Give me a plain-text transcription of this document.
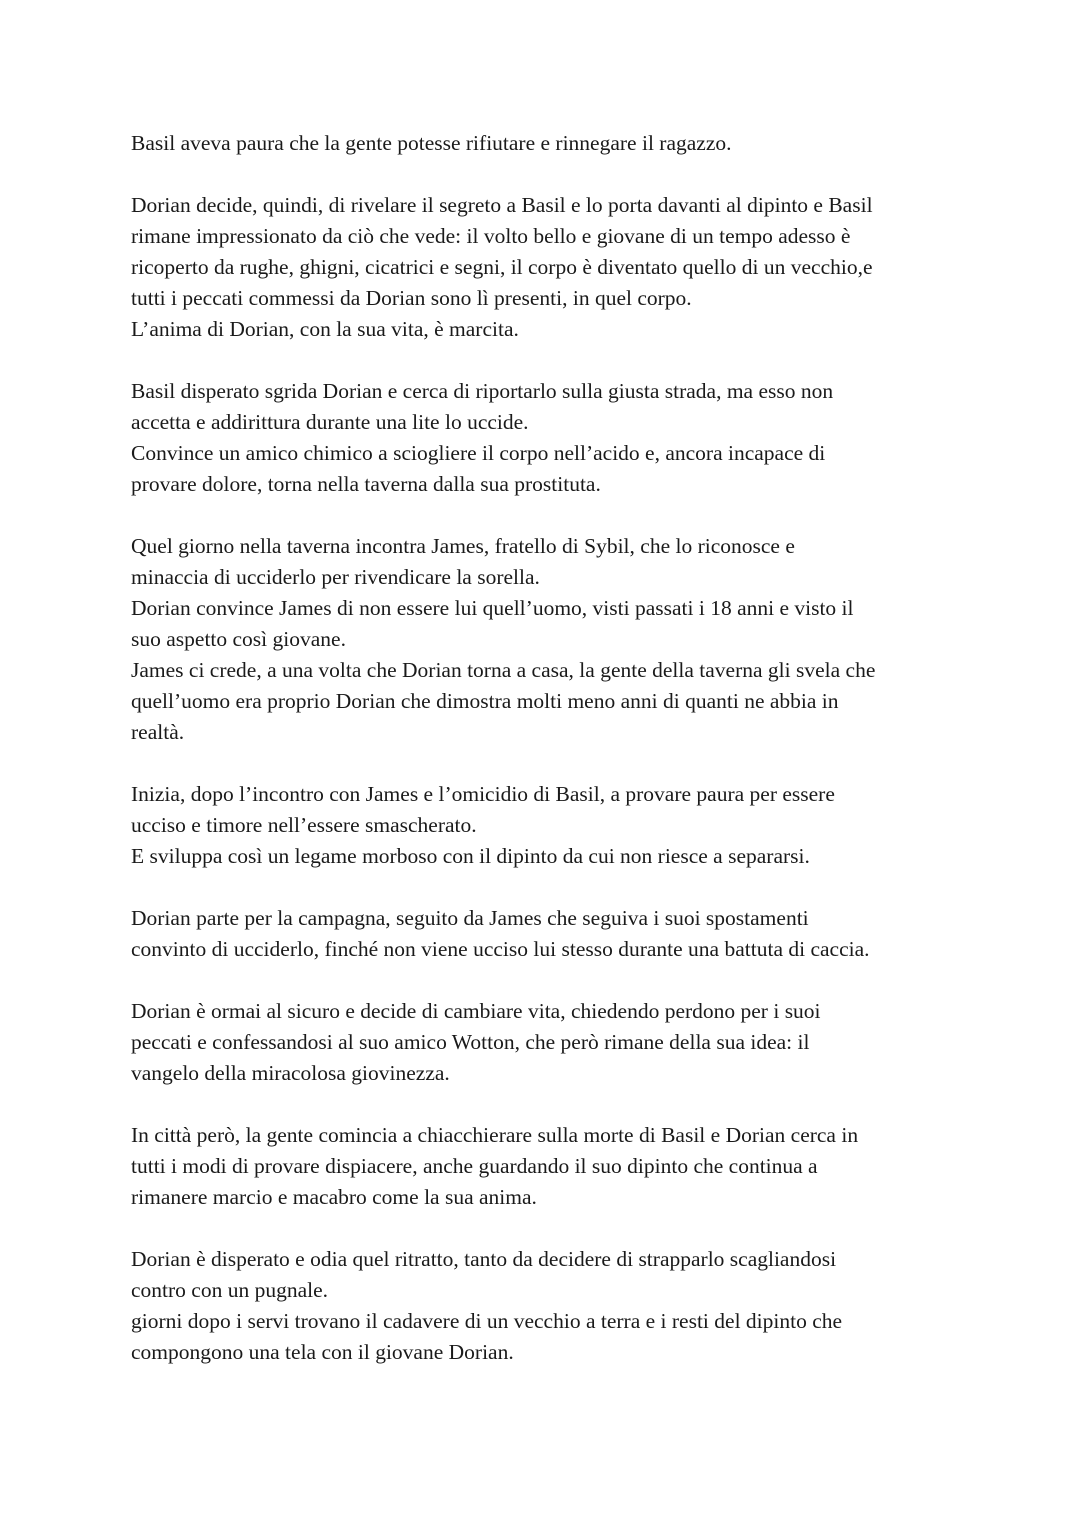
Basil aveva paura che la gente potesse rifiutare e rinnegare il ragazzo.
Dorian decide, quindi, di rivelare il segreto a Basil e lo porta davanti al dipinto e Basil
rimane impressionato da ciò che vede: il volto bello e giovane di un tempo adesso è
ricoperto da rughe, ghigni, cicatrici e segni, il corpo è diventato quello di un vecchio,e
tutti i peccati commessi da Dorian sono lì presenti, in quel corpo.
L’anima di Dorian, con la sua vita, è marcita.
Basil disperato sgrida Dorian e cerca di riportarlo sulla giusta strada, ma esso non
accetta e addirittura durante una lite lo uccide.
Convince un amico chimico a sciogliere il corpo nell’acido e, ancora incapace di
provare dolore, torna nella taverna dalla sua prostituta.
Quel giorno nella taverna incontra James, fratello di Sybil, che lo riconosce e
minaccia di ucciderlo per rivendicare la sorella.
Dorian convince James di non essere lui quell’uomo, visti passati i 18 anni e visto il
suo aspetto così giovane.
James ci crede, a una volta che Dorian torna a casa, la gente della taverna gli svela che
quell’uomo era proprio Dorian che dimostra molti meno anni di quanti ne abbia in
realtà.
Inizia, dopo l’incontro con James e l’omicidio di Basil, a provare paura per essere
ucciso e timore nell’essere smascherato.
E sviluppa così un legame morboso con il dipinto da cui non riesce a separarsi.
Dorian parte per la campagna, seguito da James che seguiva i suoi spostamenti
convinto di ucciderlo, finché non viene ucciso lui stesso durante una battuta di caccia.
Dorian è ormai al sicuro e decide di cambiare vita, chiedendo perdono per i suoi
peccati e confessandosi al suo amico Wotton, che però rimane della sua idea: il
vangelo della miracolosa giovinezza.
In città però, la gente comincia a chiacchierare sulla morte di Basil e Dorian cerca in
tutti i modi di provare dispiacere, anche guardando il suo dipinto che continua a
rimanere marcio e macabro come la sua anima.
Dorian è disperato e odia quel ritratto, tanto da decidere di strapparlo scagliandosi
contro con un pugnale.
giorni dopo i servi trovano il cadavere di un vecchio a terra e i resti del dipinto che
compongono una tela con il giovane Dorian.
